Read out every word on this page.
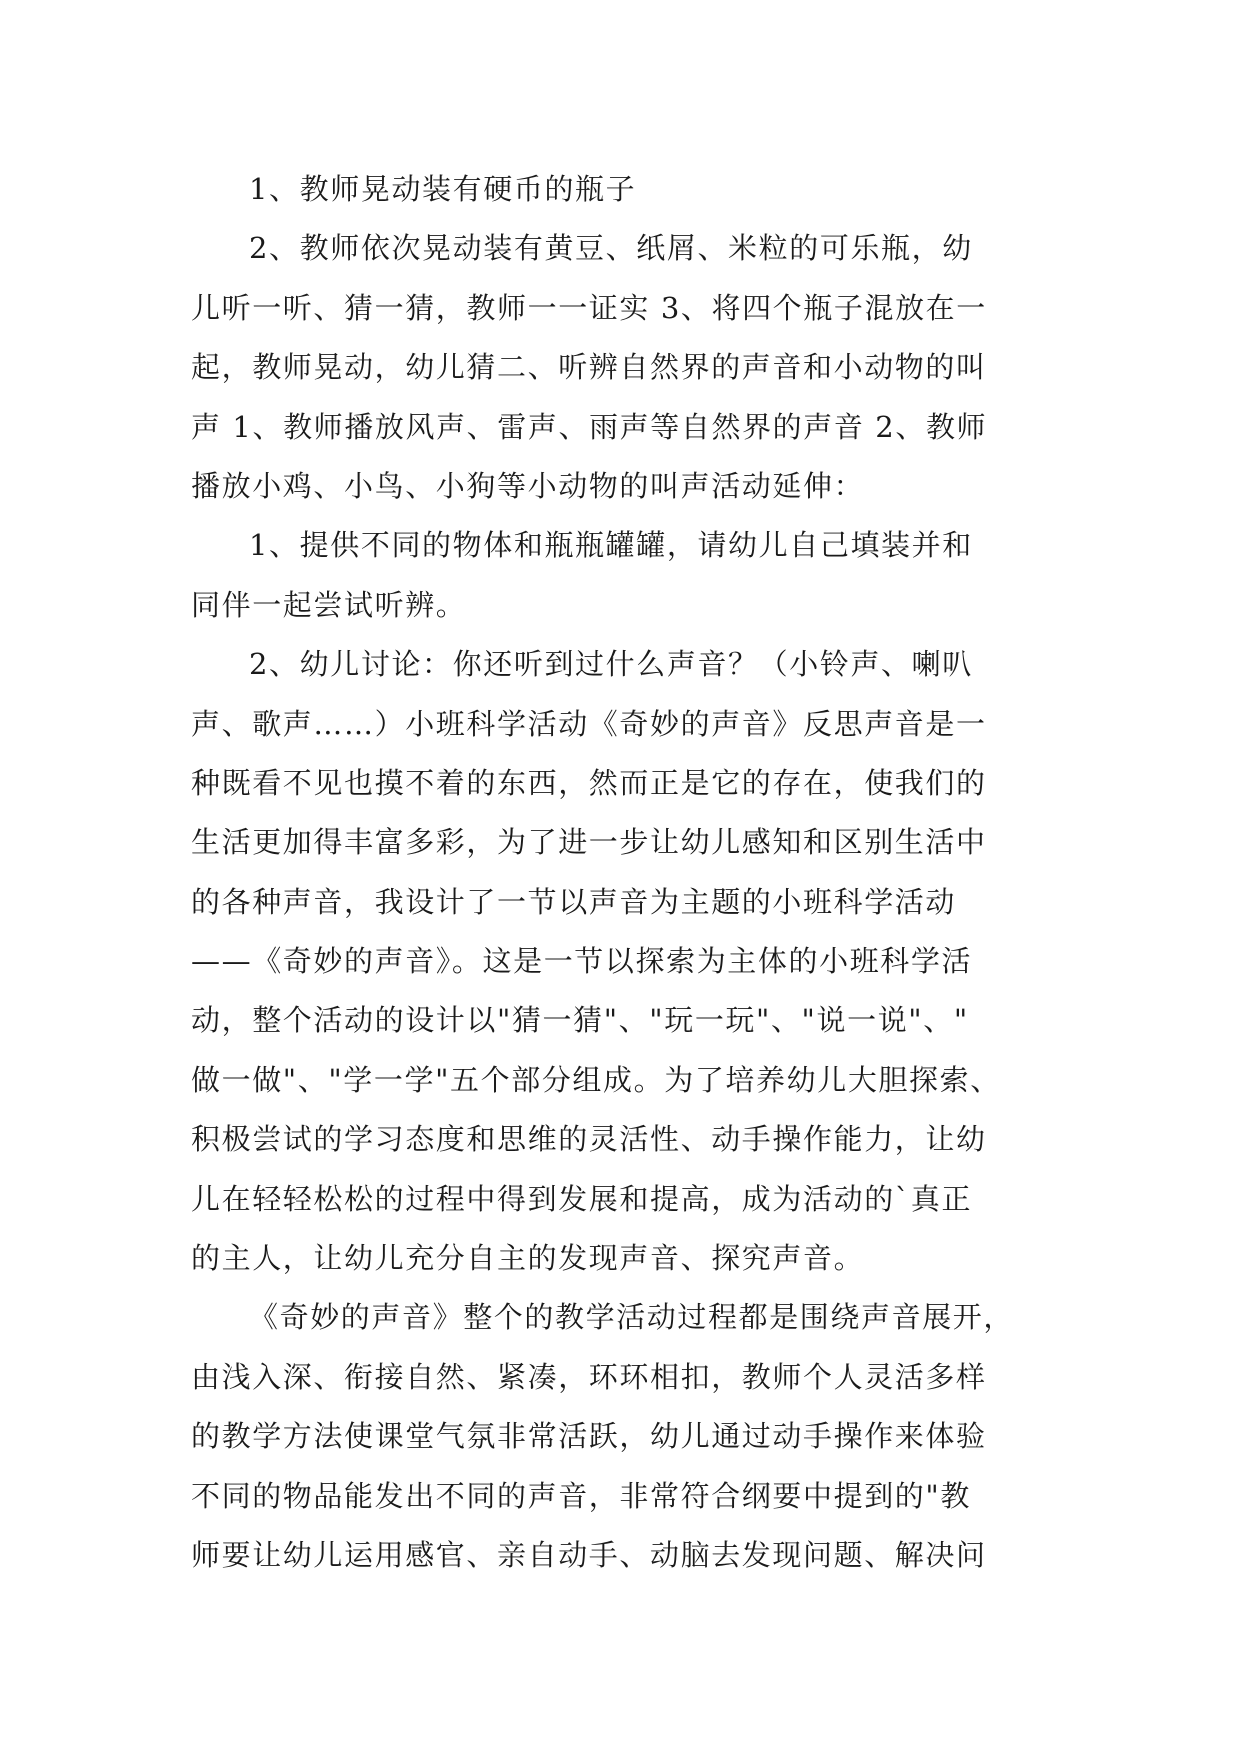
1、教师晃动装有硬币的瓶子
2、教师依次晃动装有黄豆、纸屑、米粒的可乐瓶，幼
儿听一听、猜一猜，教师一一证实 3、将四个瓶子混放在一
起，教师晃动，幼儿猜二、听辨自然界的声音和小动物的叫
声 1、教师播放风声、雷声、雨声等自然界的声音 2、教师
播放小鸡、小鸟、小狗等小动物的叫声活动延伸：
1、提供不同的物体和瓶瓶罐罐，请幼儿自己填装并和
同伴一起尝试听辨。
2、幼儿讨论：你还听到过什么声音？（小铃声、喇叭
声、歌声……）小班科学活动《奇妙的声音》反思声音是一
种既看不见也摸不着的东西，然而正是它的存在，使我们的
生活更加得丰富多彩，为了进一步让幼儿感知和区别生活中
的各种声音，我设计了一节以声音为主题的小班科学活动
——《奇妙的声音》。这是一节以探索为主体的小班科学活
动，整个活动的设计以"猜一猜"、"玩一玩"、"说一说"、"
做一做"、"学一学"五个部分组成。为了培养幼儿大胆探索、
积极尝试的学习态度和思维的灵活性、动手操作能力，让幼
儿在轻轻松松的过程中得到发展和提高，成为活动的`真正
的主人，让幼儿充分自主的发现声音、探究声音。
《奇妙的声音》整个的教学活动过程都是围绕声音展开，
由浅入深、衔接自然、紧凑，环环相扣，教师个人灵活多样
的教学方法使课堂气氛非常活跃，幼儿通过动手操作来体验
不同的物品能发出不同的声音，非常符合纲要中提到的"教
师要让幼儿运用感官、亲自动手、动脑去发现问题、解决问
